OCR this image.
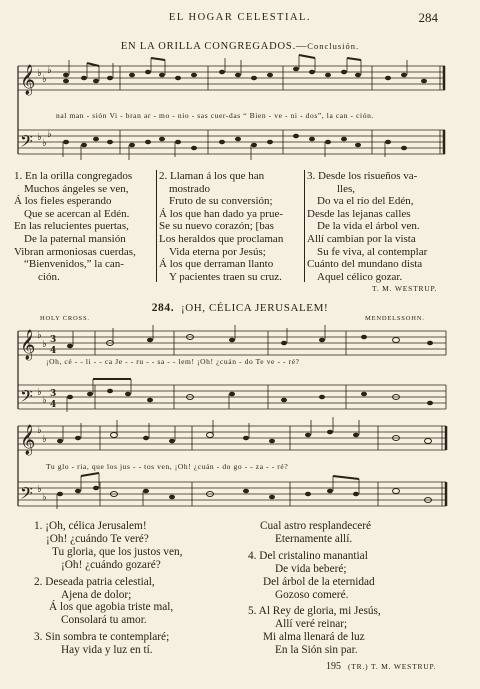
EL HOGAR CELESTIAL.	284
EN LA ORILLA CONGREGADOS.—Conclusión.
𝄞
𝄢
♭
♭
♭
♭
♭
♭
nal man - sión Vi - bran ar - mo - nio - sas cuer-das “ Bien - ve - ni - dos”, la can - ción.
1. En la orilla congregados
Muchos ángeles se ven,
Á los fieles esperando
Que se acercan al Edén.
En las relucientes puertas,
De la paternal mansión
Vibran armoniosas cuerdas,
“Bienvenidos,” la can-
ción.
2. Llaman á los que han
mostrado
Fruto de su conversión;
Á los que han dado ya prue-
Se su nuevo corazón; [bas
Los heraldos que proclaman
Vida eterna por Jesús;
Á los que derraman llanto
Y pacientes traen su cruz.
3. Desde los risueños va-
lles,
Do va el río del Edén,
Desde las lejanas calles
De la vida el árbol ven.
Allí cambian por la vista
Su fe viva, al contemplar
Cuánto del mundano dista
Aquel célico gozar.
T. M. WESTRUP.
284. ¡OH, CÉLICA JERUSALEM!
HOLY CROSS.	MENDELSSOHN.
𝄞
𝄢
♭
♭
♭
♭
3
4
3
4
¡Oh, cé - - li - - ca Je - - ru - - sa - - lem! ¡Oh! ¿cuán - do Te ve - - ré?
𝄞
𝄢
♭
♭
♭
♭
Tu glo - ria, que los jus - - tos ven, ¡Oh! ¿cuán - do go - - za - - ré?
1. ¡Oh, célica Jerusalem!
¡Oh! ¿cuándo Te veré?
Tu gloria, que los justos ven,
¡Oh! ¿cuándo gozaré?
2. Deseada patria celestial,
Ajena de dolor;
Á los que agobia triste mal,
Consolará tu amor.
3. Sin sombra te contemplaré;
Hay vida y luz en tí.
Cual astro resplandeceré
Eternamente allí.
4. Del cristalino manantial
De vida beberé;
Del árbol de la eternidad
Gozoso comeré.
5. Al Rey de gloria, mi Jesús,
Allí veré reinar;
Mi alma llenará de luz
En la Sión sin par.
195 (TR.) T. M. WESTRUP.
